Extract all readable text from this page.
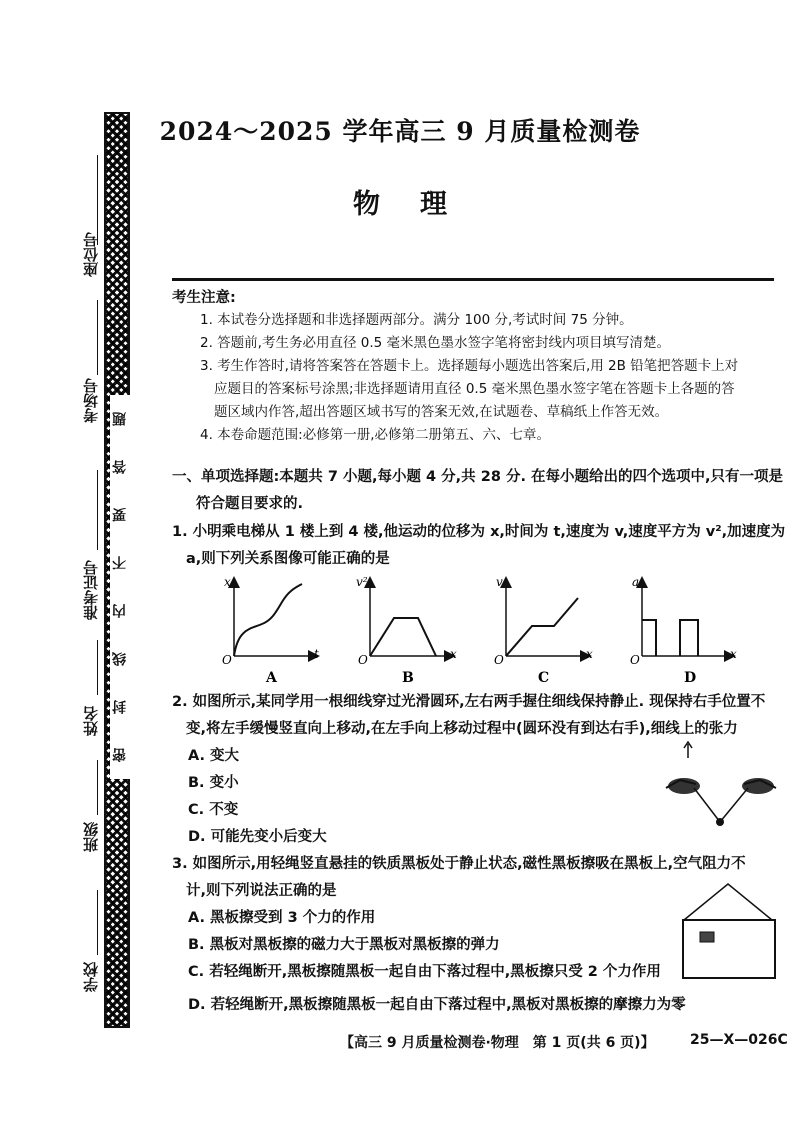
座位号
考场号
准考证号
姓名
班级
学校
题
答
要
不
内
线
封
密
2024～2025 学年高三 9 月质量检测卷
物理
考生注意:
1. 本试卷分选择题和非选择题两部分。满分 100 分,考试时间 75 分钟。
2. 答题前,考生务必用直径 0.5 毫米黑色墨水签字笔将密封线内项目填写清楚。
3. 考生作答时,请将答案答在答题卡上。选择题每小题选出答案后,用 2B 铅笔把答题卡上对
应题目的答案标号涂黑;非选择题请用直径 0.5 毫米黑色墨水签字笔在答题卡上各题的答
题区域内作答,超出答题区域书写的答案无效,在试题卷、草稿纸上作答无效。
4. 本卷命题范围:必修第一册,必修第二册第五、六、七章。
一、单项选择题:本题共 7 小题,每小题 4 分,共 28 分. 在每小题给出的四个选项中,只有一项是
符合题目要求的.
1. 小明乘电梯从 1 楼上到 4 楼,他运动的位移为 x,时间为 t,速度为 v,速度平方为 v²,加速度为
a,则下列关系图像可能正确的是
O
x
t
A
O
v²
x
B
O
v
x
C
O
a
x
D
2. 如图所示,某同学用一根细线穿过光滑圆环,左右两手握住细线保持静止. 现保持右手位置不
变,将左手缓慢竖直向上移动,在左手向上移动过程中(圆环没有到达右手),细线上的张力
A. 变大
B. 变小
C. 不变
D. 可能先变小后变大
3. 如图所示,用轻绳竖直悬挂的铁质黑板处于静止状态,磁性黑板擦吸在黑板上,空气阻力不
计,则下列说法正确的是
A. 黑板擦受到 3 个力的作用
B. 黑板对黑板擦的磁力大于黑板对黑板擦的弹力
C. 若轻绳断开,黑板擦随黑板一起自由下落过程中,黑板擦只受 2 个力作用
D. 若轻绳断开,黑板擦随黑板一起自由下落过程中,黑板对黑板擦的摩擦力为零
【高三 9 月质量检测卷·物理　第 1 页(共 6 页)】	25—X—026C
